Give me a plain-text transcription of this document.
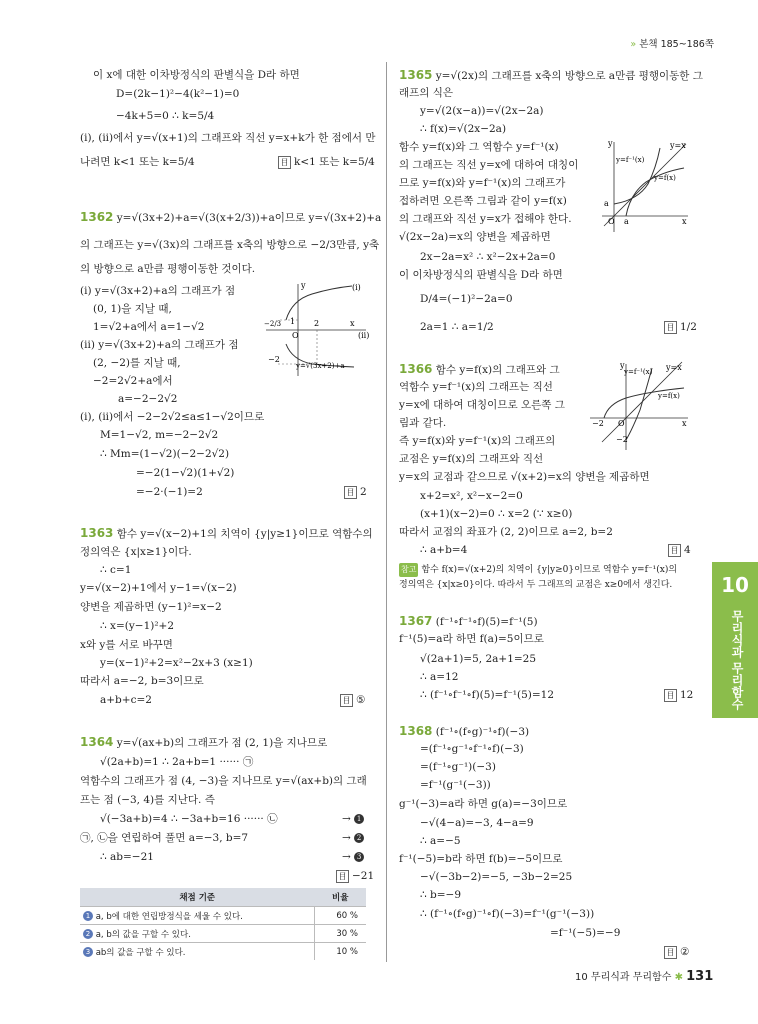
» 본책 185~186쪽
이 x에 대한 이차방정식의 판별식을 D라 하면
D=(2k−1)²−4(k²−1)=0
−4k+5=0 ∴ k=5/4
(i), (ii)에서 y=√(x+1)의 그래프와 직선 y=x+k가 한 점에서 만
나려면 k<1 또는 k=5/4	目 k<1 또는 k=5/4
1362 y=√(3x+2)+a=√(3(x+2/3))+a이므로 y=√(3x+2)+a
의 그래프는 y=√(3x)의 그래프를 x축의 방향으로 −2/3만큼, y축
의 방향으로 a만큼 평행이동한 것이다.
(i) y=√(3x+2)+a의 그래프가 점
(0, 1)을 지날 때,
1=√2+a에서 a=1−√2
(ii) y=√(3x+2)+a의 그래프가 점
(2, −2)를 지날 때,
−2=2√2+a에서
a=−2−2√2
(i), (ii)에서 −2−2√2≤a≤1−√2이므로
M=1−√2, m=−2−2√2
∴ Mm=(1−√2)(−2−2√2)
=−2(1−√2)(1+√2)
=−2·(−1)=2	目 2
y	(i)
−2/3 1 2	x
(ii)
O
−2
y=√(3x+2)+a
1363 함수 y=√(x−2)+1의 치역이 {y|y≥1}이므로 역함수의
정의역은 {x|x≥1}이다.
∴ c=1
y=√(x−2)+1에서 y−1=√(x−2)
양변을 제곱하면 (y−1)²=x−2
∴ x=(y−1)²+2
x와 y를 서로 바꾸면
y=(x−1)²+2=x²−2x+3 (x≥1)
따라서 a=−2, b=3이므로
a+b+c=2	目 ⑤
1364 y=√(ax+b)의 그래프가 점 (2, 1)을 지나므로
√(2a+b)=1 ∴ 2a+b=1 ······ ㉠
역함수의 그래프가 점 (4, −3)을 지나므로 y=√(ax+b)의 그래
프는 점 (−3, 4)를 지난다. 즉
√(−3a+b)=4 ∴ −3a+b=16 ······ ㉡
㉠, ㉡을 연립하여 풀면 a=−3, b=7
∴ ab=−21
→ 1
→ 2
→ 3
目 −21
채점 기준	비율
1 a, b에 대한 연립방정식을 세울 수 있다.	60 %
2 a, b의 값을 구할 수 있다.	30 %
3 ab의 값을 구할 수 있다.	10 %
1365 y=√(2x)의 그래프를 x축의 방향으로 a만큼 평행이동한 그
래프의 식은
y=√(2(x−a))=√(2x−2a)
∴ f(x)=√(2x−2a)
함수 y=f(x)와 그 역함수 y=f⁻¹(x)
의 그래프는 직선 y=x에 대하여 대칭이
므로 y=f(x)와 y=f⁻¹(x)의 그래프가
접하려면 오른쪽 그림과 같이 y=f(x)
의 그래프와 직선 y=x가 접해야 한다.
√(2x−2a)=x의 양변을 제곱하면
2x−2a=x² ∴ x²−2x+2a=0
이 이차방정식의 판별식을 D라 하면
D/4=(−1)²−2a=0
2a=1 ∴ a=1/2	目 1/2
y	y=x
y=f⁻¹(x)
y=f(x)
a
O a	x
1366 함수 y=f(x)의 그래프와 그
역함수 y=f⁻¹(x)의 그래프는 직선
y=x에 대하여 대칭이므로 오른쪽 그
림과 같다.
즉 y=f(x)와 y=f⁻¹(x)의 그래프의
교점은 y=f(x)의 그래프와 직선
y=x의 교점과 같으므로 √(x+2)=x의 양변을 제곱하면
x+2=x², x²−x−2=0
(x+1)(x−2)=0 ∴ x=2 (∵ x≥0)
따라서 교점의 좌표가 (2, 2)이므로 a=2, b=2
∴ a+b=4	目 4
참고 함수 f(x)=√(x+2)의 치역이 {y|y≥0}이므로 역함수 y=f⁻¹(x)의
정의역은 {x|x≥0}이다. 따라서 두 그래프의 교점은 x≥0에서 생긴다.
y
y=f⁻¹(x) y=x
y=f(x)
−2 O
−2
x
1367 (f⁻¹∘f⁻¹∘f)(5)=f⁻¹(5)
f⁻¹(5)=a라 하면 f(a)=5이므로
√(2a+1)=5, 2a+1=25
∴ a=12
∴ (f⁻¹∘f⁻¹∘f)(5)=f⁻¹(5)=12	目 12
1368 (f⁻¹∘(f∘g)⁻¹∘f)(−3)
=(f⁻¹∘g⁻¹∘f⁻¹∘f)(−3)
=(f⁻¹∘g⁻¹)(−3)
=f⁻¹(g⁻¹(−3))
g⁻¹(−3)=a라 하면 g(a)=−3이므로
−√(4−a)=−3, 4−a=9
∴ a=−5
f⁻¹(−5)=b라 하면 f(b)=−5이므로
−√(−3b−2)=−5, −3b−2=25
∴ b=−9
∴ (f⁻¹∘(f∘g)⁻¹∘f)(−3)=f⁻¹(g⁻¹(−3))
=f⁻¹(−5)=−9
目 ②
10
무리식과 무리함수
10 무리식과 무리함수 ✱ 131
